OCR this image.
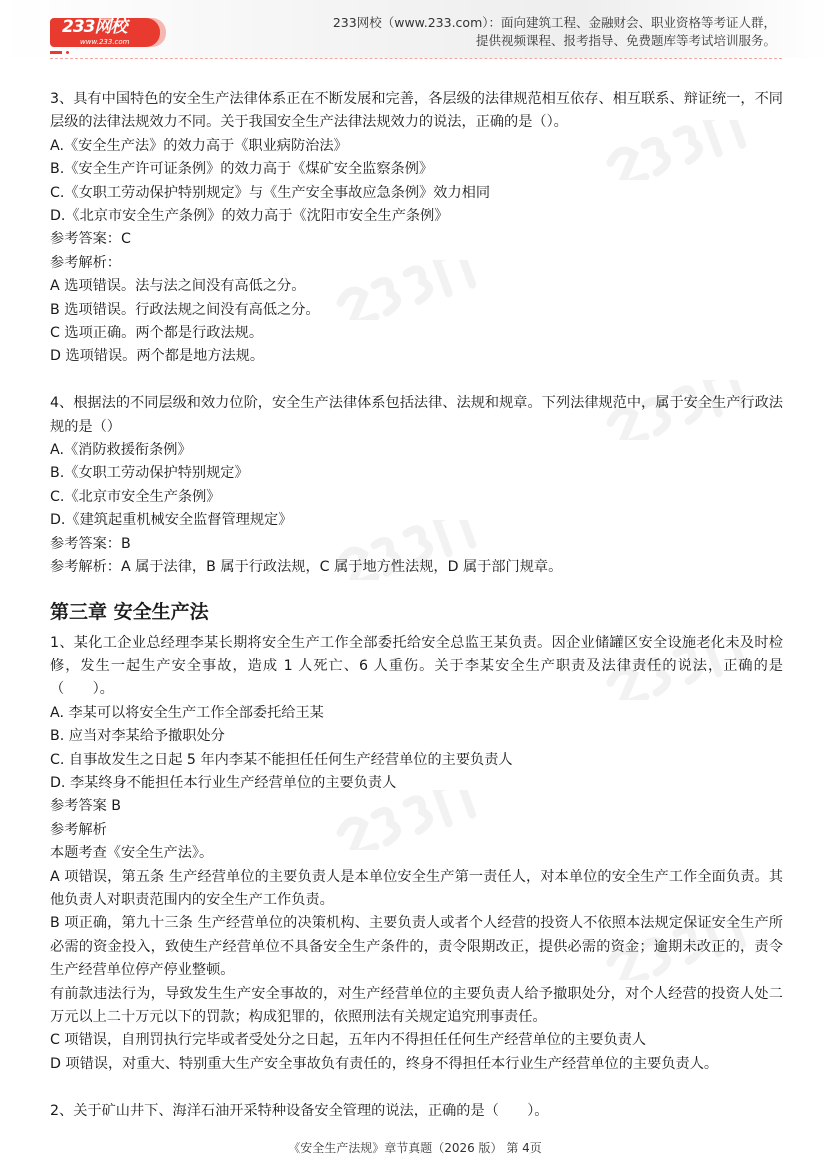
233网校
www.233.com
233网校（www.233.com）：面向建筑工程、金融财会、职业资格等考证人群，
提供视频课程、报考指导、免费题库等考试培训服务。

3、具有中国特色的安全生产法律体系正在不断发展和完善，各层级的法律规范相互依存、相互联系、辩证统一，不同层级的法律法规效力不同。关于我国安全生产法律法规效力的说法，正确的是（）。

A.《安全生产法》的效力高于《职业病防治法》

B.《安全生产许可证条例》的效力高于《煤矿安全监察条例》

C.《女职工劳动保护特别规定》与《生产安全事故应急条例》效力相同

D.《北京市安全生产条例》的效力高于《沈阳市安全生产条例》

参考答案：C

参考解析：

A 选项错误。法与法之间没有高低之分。

B 选项错误。行政法规之间没有高低之分。

C 选项正确。两个都是行政法规。

D 选项错误。两个都是地方法规。

4、根据法的不同层级和效力位阶，安全生产法律体系包括法律、法规和规章。下列法律规范中，属于安全生产行政法规的是（）

A.《消防救援衔条例》

B.《女职工劳动保护特别规定》

C.《北京市安全生产条例》

D.《建筑起重机械安全监督管理规定》

参考答案：B

参考解析：A 属于法律，B 属于行政法规，C 属于地方性法规，D 属于部门规章。

第三章 安全生产法

1、某化工企业总经理李某长期将安全生产工作全部委托给安全总监王某负责。因企业储罐区安全设施老化未及时检修，发生一起生产安全事故，造成 1 人死亡、6 人重伤。关于李某安全生产职责及法律责任的说法，正确的是（　　）。

A. 李某可以将安全生产工作全部委托给王某

B. 应当对李某给予撤职处分

C. 自事故发生之日起 5 年内李某不能担任任何生产经营单位的主要负责人

D. 李某终身不能担任本行业生产经营单位的主要负责人

参考答案 B

参考解析

本题考查《安全生产法》。

A 项错误，第五条 生产经营单位的主要负责人是本单位安全生产第一责任人，对本单位的安全生产工作全面负责。其他负责人对职责范围内的安全生产工作负责。

B 项正确，第九十三条 生产经营单位的决策机构、主要负责人或者个人经营的投资人不依照本法规定保证安全生产所必需的资金投入，致使生产经营单位不具备安全生产条件的，责令限期改正，提供必需的资金；逾期未改正的，责令生产经营单位停产停业整顿。

有前款违法行为，导致发生生产安全事故的，对生产经营单位的主要负责人给予撤职处分，对个人经营的投资人处二万元以上二十万元以下的罚款；构成犯罪的，依照刑法有关规定追究刑事责任。

C 项错误，自刑罚执行完毕或者受处分之日起，五年内不得担任任何生产经营单位的主要负责人

D 项错误，对重大、特别重大生产安全事故负有责任的，终身不得担任本行业生产经营单位的主要负责人。

2、关于矿山井下、海洋石油开采特种设备安全管理的说法，正确的是（　　）。

《安全生产法规》章节真题（2026 版） 第 4页
